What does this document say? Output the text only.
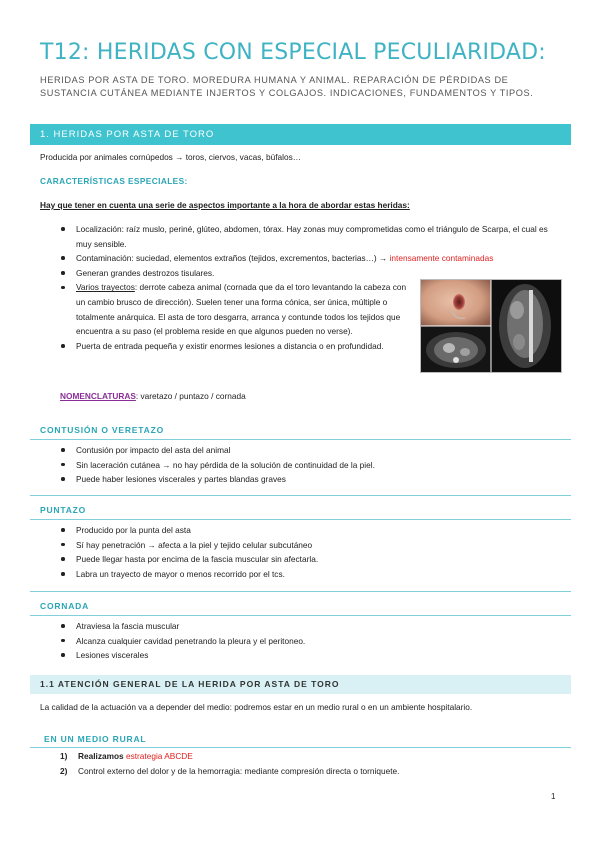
T12: HERIDAS CON ESPECIAL PECULIARIDAD:
HERIDAS POR ASTA DE TORO. MOREDURA HUMANA Y ANIMAL. REPARACIÓN DE PÉRDIDAS DE SUSTANCIA CUTÁNEA MEDIANTE INJERTOS Y COLGAJOS. INDICACIONES, FUNDAMENTOS Y TIPOS.
1. HERIDAS POR ASTA DE TORO
Producida por animales cornúpedos → toros, ciervos, vacas, búfalos…
CARACTERÍSTICAS ESPECIALES:
Hay que tener en cuenta una serie de aspectos importante a la hora de abordar estas heridas:
Localización: raíz muslo, periné, glúteo, abdomen, tórax. Hay zonas muy comprometidas como el triángulo de Scarpa, el cual es muy sensible.
Contaminación: suciedad, elementos extraños (tejidos, excrementos, bacterias…) → intensamente contaminadas
Generan grandes destrozos tisulares.
Varios trayectos: derrote cabeza animal (cornada que da el toro levantando la cabeza con un cambio brusco de dirección). Suelen tener una forma cónica, ser única, múltiple o totalmente anárquica. El asta de toro desgarra, arranca y contunde todos los tejidos que encuentra a su paso (el problema reside en que algunos pueden no verse).
Puerta de entrada pequeña y existir enormes lesiones a distancia o en profundidad.
NOMENCLATURAS: varetazo / puntazo / cornada
CONTUSIÓN O VERETAZO
Contusión por impacto del asta del animal
Sin laceración cutánea → no hay pérdida de la solución de continuidad de la piel.
Puede haber lesiones viscerales y partes blandas graves
PUNTAZO
Producido por la punta del asta
Sí hay penetración → afecta a la piel y tejido celular subcutáneo
Puede llegar hasta por encima de la fascia muscular sin afectarla.
Labra un trayecto de mayor o menos recorrido por el tcs.
CORNADA
Atraviesa la fascia muscular
Alcanza cualquier cavidad penetrando la pleura y el peritoneo.
Lesiones viscerales
1.1 ATENCIÓN GENERAL DE LA HERIDA POR ASTA DE TORO
La calidad de la actuación va a depender del medio: podremos estar en un medio rural o en un ambiente hospitalario.
EN UN MEDIO RURAL
1) Realizamos estrategia ABCDE
2) Control externo del dolor y de la hemorragia: mediante compresión directa o torniquete.
1
